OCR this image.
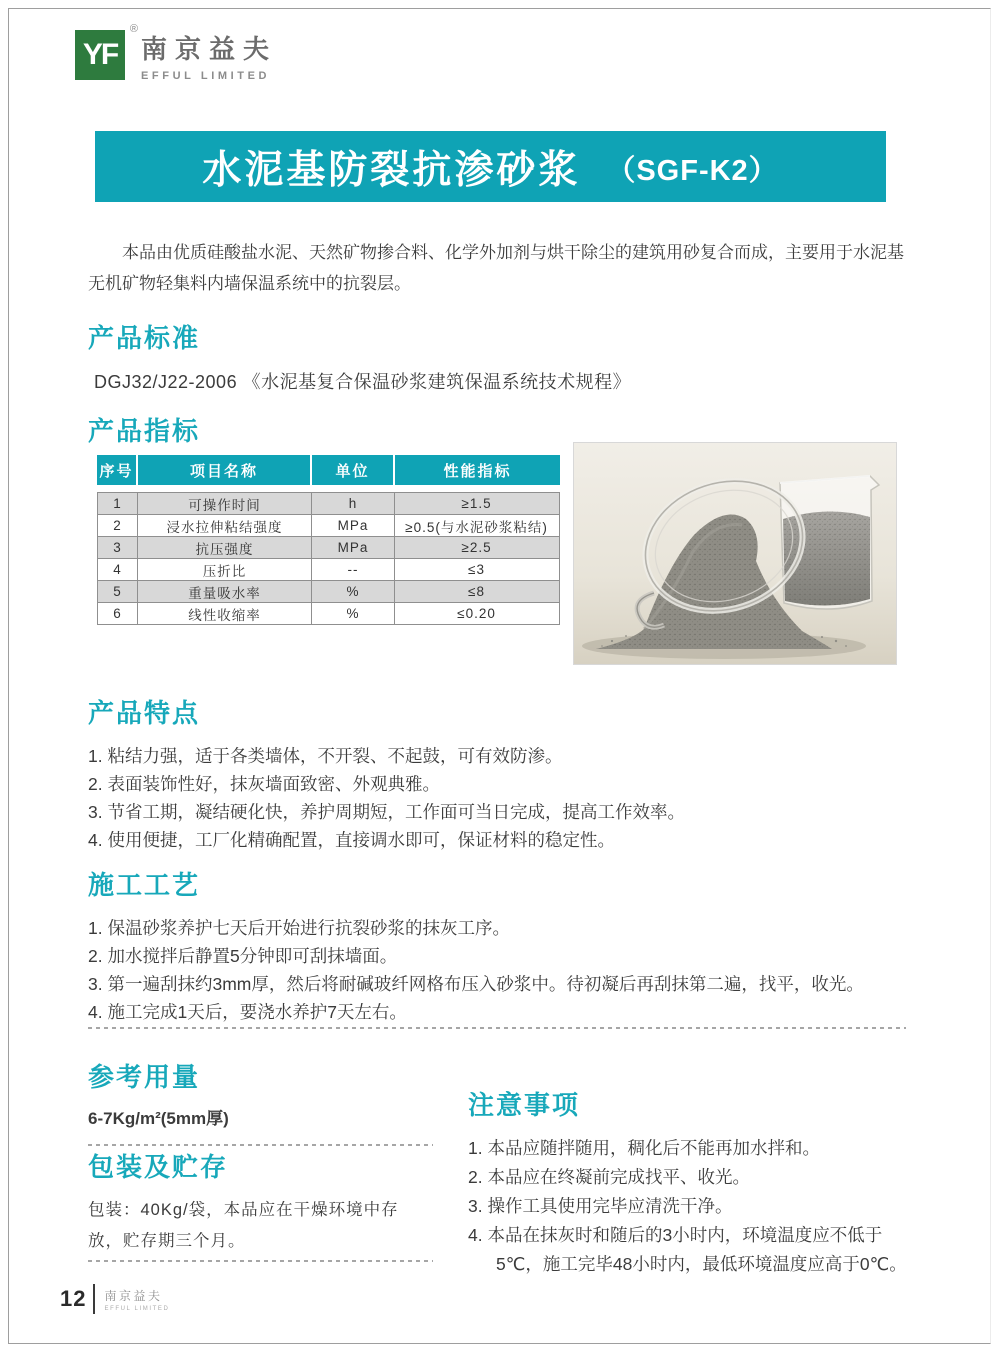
YF
®
南京益夫
EFFUL LIMITED
水泥基防裂抗渗砂浆 （SGF-K2）

本品由优质硅酸盐水泥、天然矿物掺合料、化学外加剂与烘干除尘的建筑用砂复合而成，主要用于水泥基无机矿物轻集料内墙保温系统中的抗裂层。

产品标准
DGJ32/J22-2006 《水泥基复合保温砂浆建筑保温系统技术规程》
产品指标
序号	项目名称	单位	性能指标
1	可操作时间	h	≥1.5
2	浸水拉伸粘结强度	MPa	≥0.5(与水泥砂浆粘结)
3	抗压强度	MPa	≥2.5
4	压折比	--	≤3
5	重量吸水率	%	≤8
6	线性收缩率	%	≤0.20
产品特点
1. 粘结力强，适于各类墙体，不开裂、不起鼓，可有效防渗。
2. 表面装饰性好，抹灰墙面致密、外观典雅。
3. 节省工期，凝结硬化快，养护周期短，工作面可当日完成，提高工作效率。
4. 使用便捷，工厂化精确配置，直接调水即可，保证材料的稳定性。
施工工艺
1. 保温砂浆养护七天后开始进行抗裂砂浆的抹灰工序。
2. 加水搅拌后静置5分钟即可刮抹墙面。
3. 第一遍刮抹约3mm厚，然后将耐碱玻纤网格布压入砂浆中。待初凝后再刮抹第二遍，找平，收光。
4. 施工完成1天后，要浇水养护7天左右。
参考用量
6-7Kg/m²(5mm厚)
包装及贮存
包装：40Kg/袋，本品应在干燥环境中存放，贮存期三个月。
注意事项
1. 本品应随拌随用，稠化后不能再加水拌和。
2. 本品应在终凝前完成找平、收光。
3. 操作工具使用完毕应清洗干净。
4. 本品在抹灰时和随后的3小时内，环境温度应不低于5℃，施工完毕48小时内，最低环境温度应高于0℃。
12 南京益夫
EFFUL LIMITED
